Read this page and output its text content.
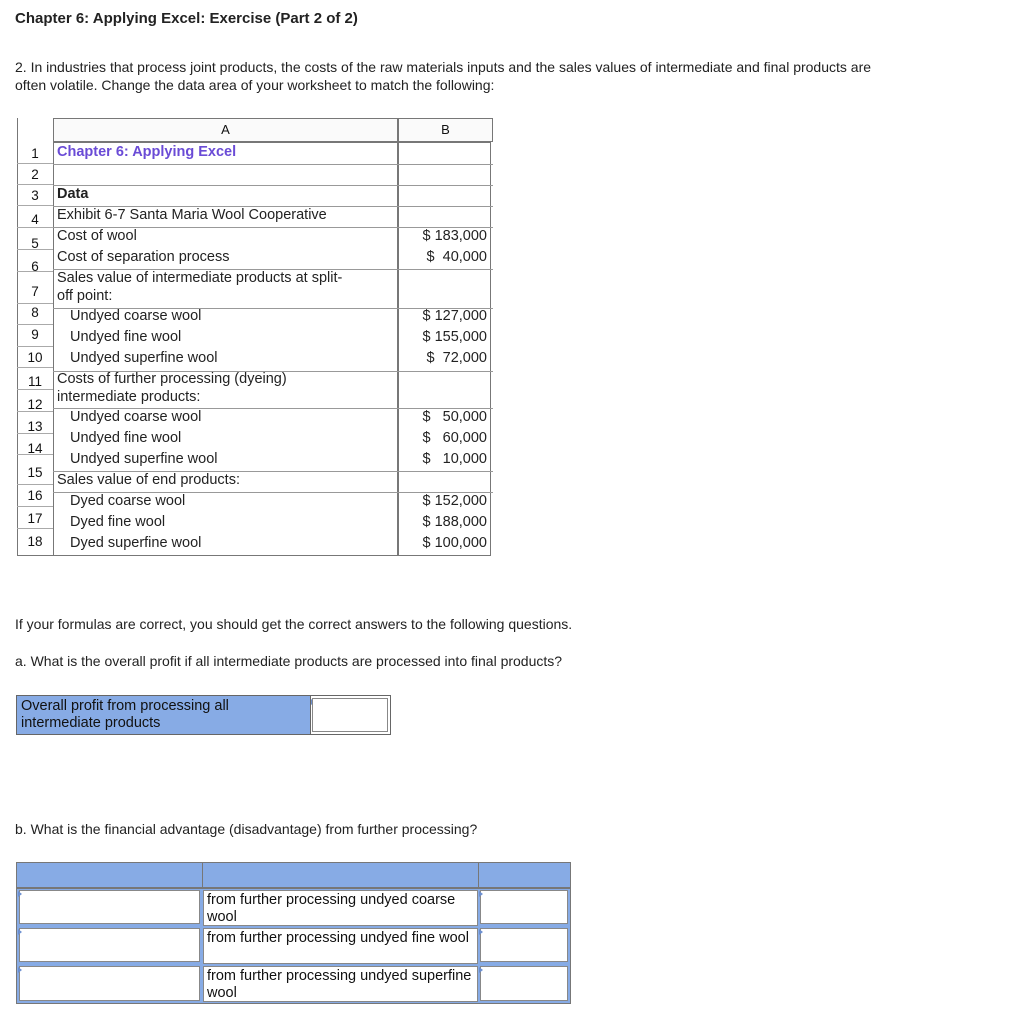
Chapter 6: Applying Excel: Exercise (Part 2 of 2)
2. In industries that process joint products, the costs of the raw materials inputs and the sales values of intermediate and final products are often volatile. Change the data area of your worksheet to match the following:
A	B
1
2
3
4
5
6
7
8
9
10
11
12
13
14
15
16
17
18
Chapter 6: Applying Excel
Data
Exhibit 6-7 Santa Maria Wool Cooperative
Cost of wool
Cost of separation process
Sales value of intermediate products at split-
off point:
Undyed coarse wool
Undyed fine wool
Undyed superfine wool
Costs of further processing (dyeing)
intermediate products:
Undyed coarse wool
Undyed fine wool
Undyed superfine wool
Sales value of end products:
Dyed coarse wool
Dyed fine wool
Dyed superfine wool
$ 183,000
$  40,000
$ 127,000
$ 155,000
$  72,000
$   50,000
$   60,000
$   10,000
$ 152,000
$ 188,000
$ 100,000
If your formulas are correct, you should get the correct answers to the following questions.
a. What is the overall profit if all intermediate products are processed into final products?
Overall profit from processing all intermediate products
b. What is the financial advantage (disadvantage) from further processing?
from further processing undyed coarse wool
from further processing undyed fine wool
from further processing undyed superfine wool
